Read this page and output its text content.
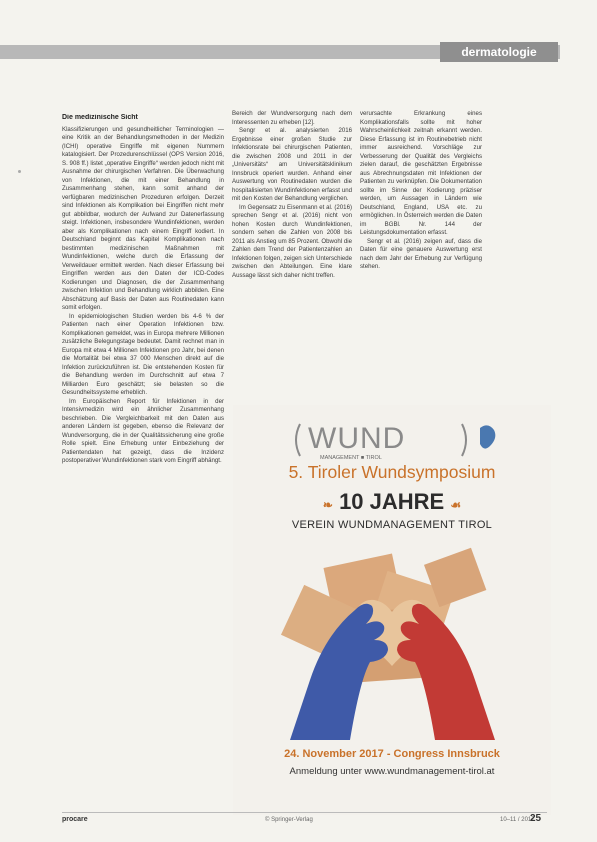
dermatologie
Die medizinische Sicht

Klassifizierungen und gesundheitlicher Terminologien — eine Kritik an der Behandlungsmethoden in der Medizin (ICHI) operative Eingriffe mit eigenen Nummern katalogisiert. Der Prozedurenschlüssel (OPS Version 2016, S. 908 ff.) listet „operative Eingriffe“ werden jedoch nicht mit Ausnahme der chirurgischen Verfahren. Die Überwachung von Infektionen, die mit einer Behandlung in Zusammenhang stehen, kann somit anhand der verfügbaren medizinischen Prozeduren erfolgen. Derzeit sind Infektionen als Komplikation bei Eingriffen nicht mehr gut abbildbar, wodurch der Aufwand zur Datenerfassung steigt. Infektionen, insbesondere Wundinfektionen, werden aber als Komplikationen nach einem Eingriff kodiert. In Deutschland beginnt das Kapitel Komplikationen nach bestimmten medizinischen Maßnahmen mit Wundinfektionen, welche durch die Erfassung der Verweildauer ermittelt werden. Nach dieser Erfassung bei Eingriffen werden aus den Daten der ICD-Codes Kodierungen und Diagnosen, die der Zusammenhang zwischen Infektion und Behandlung wirklich abbilden. Eine Abschätzung auf Basis der Daten aus Routinedaten kann somit erfolgen.

In epidemiologischen Studien werden bis 4-6 % der Patienten nach einer Operation Infektionen bzw. Komplikationen gemeldet, was in Europa mehrere Millionen zusätzliche Belegungstage bedeutet. Damit rechnet man in Europa mit etwa 4 Millionen Infektionen pro Jahr, bei denen die Mortalität bei etwa 37 000 Menschen direkt auf die Infektion zurückzuführen ist. Die entstehenden Kosten für die Behandlung werden im Durchschnitt auf etwa 7 Milliarden Euro geschätzt; sie belasten so die Gesundheitssysteme erheblich.

Im Europäischen Report für Infektionen in der Intensivmedizin wird ein ähnlicher Zusammenhang beschrieben. Die Vergleichbarkeit mit den Daten aus anderen Ländern ist gegeben, ebenso die Relevanz der Wundversorgung, die in der Qualitätssicherung eine große Rolle spielt. Eine Erhebung unter Einbeziehung der Patientendaten hat gezeigt, dass die Inzidenz postoperativer Wundinfektionen stark vom Eingriff abhängt.

Bereich der Wundversorgung nach dem Interessenten zu erheben [12].

Sengr et al. analysierten 2016 Ergebnisse einer großen Studie zur Infektionsrate bei chirurgischen Patienten, die zwischen 2008 und 2011 in der „Universitäts“ am Universitätsklinikum Innsbruck operiert wurden. Anhand einer Auswertung von Routinedaten wurden die hospitalisierten Wundinfektionen erfasst und mit den Kosten der Behandlung verglichen.

Im Gegensatz zu Eisenmann et al. (2016) sprechen Sengr et al. (2016) nicht von hohen Kosten durch Wundinfektionen, sondern sehen die Zahlen von 2008 bis 2011 als Anstieg um 85 Prozent. Obwohl die Zahlen dem Trend der Patientenzahlen an Infektionen folgen, zeigen sich Unterschiede zwischen den Abteilungen. Eine klare Aussage lässt sich daher nicht treffen.

verursachte Erkrankung eines Komplikationsfalls sollte mit hoher Wahrscheinlichkeit zeitnah erkannt werden. Diese Erfassung ist im Routinebetrieb nicht immer ausreichend. Vorschläge zur Verbesserung der Qualität des Vergleichs zielen darauf, die geschätzten Ergebnisse aus Abrechnungsdaten mit Infektionen der Patienten zu verknüpfen. Die Dokumentation sollte im Sinne der Kodierung präziser werden, um Aussagen in Ländern wie Deutschland, England, USA etc. zu ermöglichen. In Österreich werden die Daten im BGBl. Nr. 144 der Leistungsdokumentation erfasst.

Sengr et al. (2016) zeigen auf, dass die Daten für eine genauere Auswertung erst nach dem Jahr der Erhebung zur Verfügung stehen.

WUND
MANAGEMENT ■ TIROL
5. Tiroler Wundsymposium
❧ 10 JAHRE ☙
VEREIN WUNDMANAGEMENT TIROL
24. November 2017 - Congress Innsbruck
Anmeldung unter www.wundmanagement-tirol.at
procare	© Springer-Verlag	10–11 / 2017
25
